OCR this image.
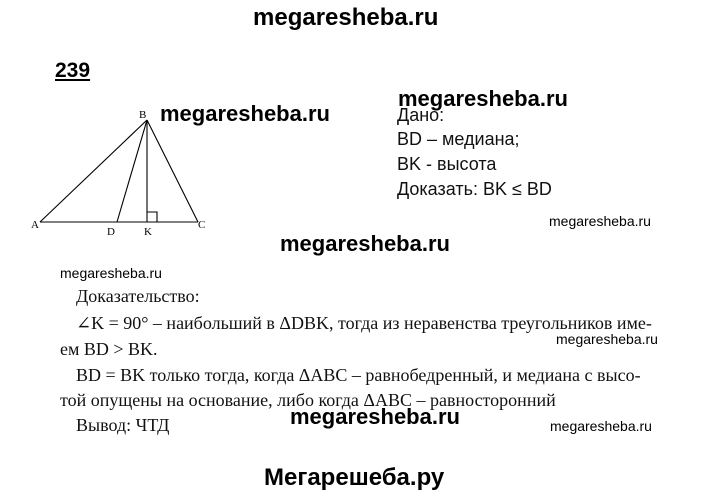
megaresheba.ru
megaresheba.ru
megaresheba.ru
megaresheba.ru
megaresheba.ru
megaresheba.ru
megaresheba.ru
megaresheba.ru	megaresheba.ru
239
B
A	C
D	K
Дано:
BD – медиана;
BK - высота
Доказать: BK ≤ BD
Доказательство:
∠K = 90° – наибольший в ΔDBK, тогда из неравенства треугольников име-
ем BD > BK.
BD = BK только тогда, когда ΔABC – равнобедренный, и медиана с высо-
той опущены на основание, либо когда ΔABC – равносторонний
Вывод: ЧТД
Мегарешеба.ру
